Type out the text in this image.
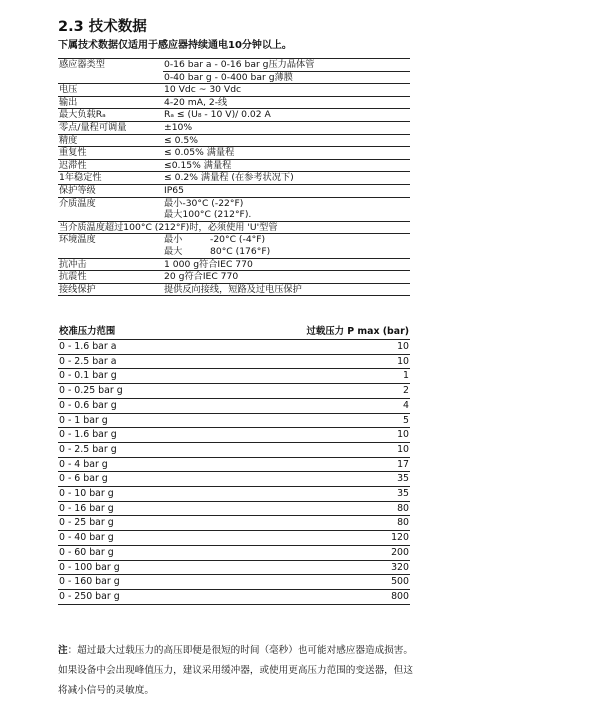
2.3 技术数据
下属技术数据仅适用于感应器持续通电10分钟以上。
感应器类型	0-16 bar a - 0-16 bar g压力晶体管
	0-40 bar g - 0-400 bar g薄膜
电压	10 Vdc ~ 30 Vdc
输出	4-20 mA, 2-线
最大负载Rₐ	Rₐ ≤ (U₈ - 10 V)/ 0.02 A
零点/量程可调量	±10%
精度	≤ 0.5%
重复性	≤ 0.05% 满量程
迟滞性	≤0.15% 满量程
1年稳定性	≤ 0.2% 满量程 (在参考状况下)
保护等级	IP65
介质温度	最小-30°C (-22°F)
	最大100°C (212°F).
当介质温度超过100°C (212°F)时，必须使用 'U'型管	
环境温度	最小 -20°C (-4°F)
	最大 80°C (176°F)
抗冲击	1 000 g符合IEC 770
抗震性	20 g符合IEC 770
接线保护	提供反向接线，短路及过电压保护
校准压力范围	过载压力 P max (bar)
0 - 1.6 bar a	10
0 - 2.5 bar a	10
0 - 0.1 bar g	1
0 - 0.25 bar g	2
0 - 0.6 bar g	4
0 - 1 bar g	5
0 - 1.6 bar g	10
0 - 2.5 bar g	10
0 - 4 bar g	17
0 - 6 bar g	35
0 - 10 bar g	35
0 - 16 bar g	80
0 - 25 bar g	80
0 - 40 bar g	120
0 - 60 bar g	200
0 - 100 bar g	320
0 - 160 bar g	500
0 - 250 bar g	800
注：超过最大过载压力的高压即便是很短的时间（毫秒）也可能对感应器造成损害。如果设备中会出现峰值压力，建议采用缓冲器，或使用更高压力范围的变送器，但这将减小信号的灵敏度。
